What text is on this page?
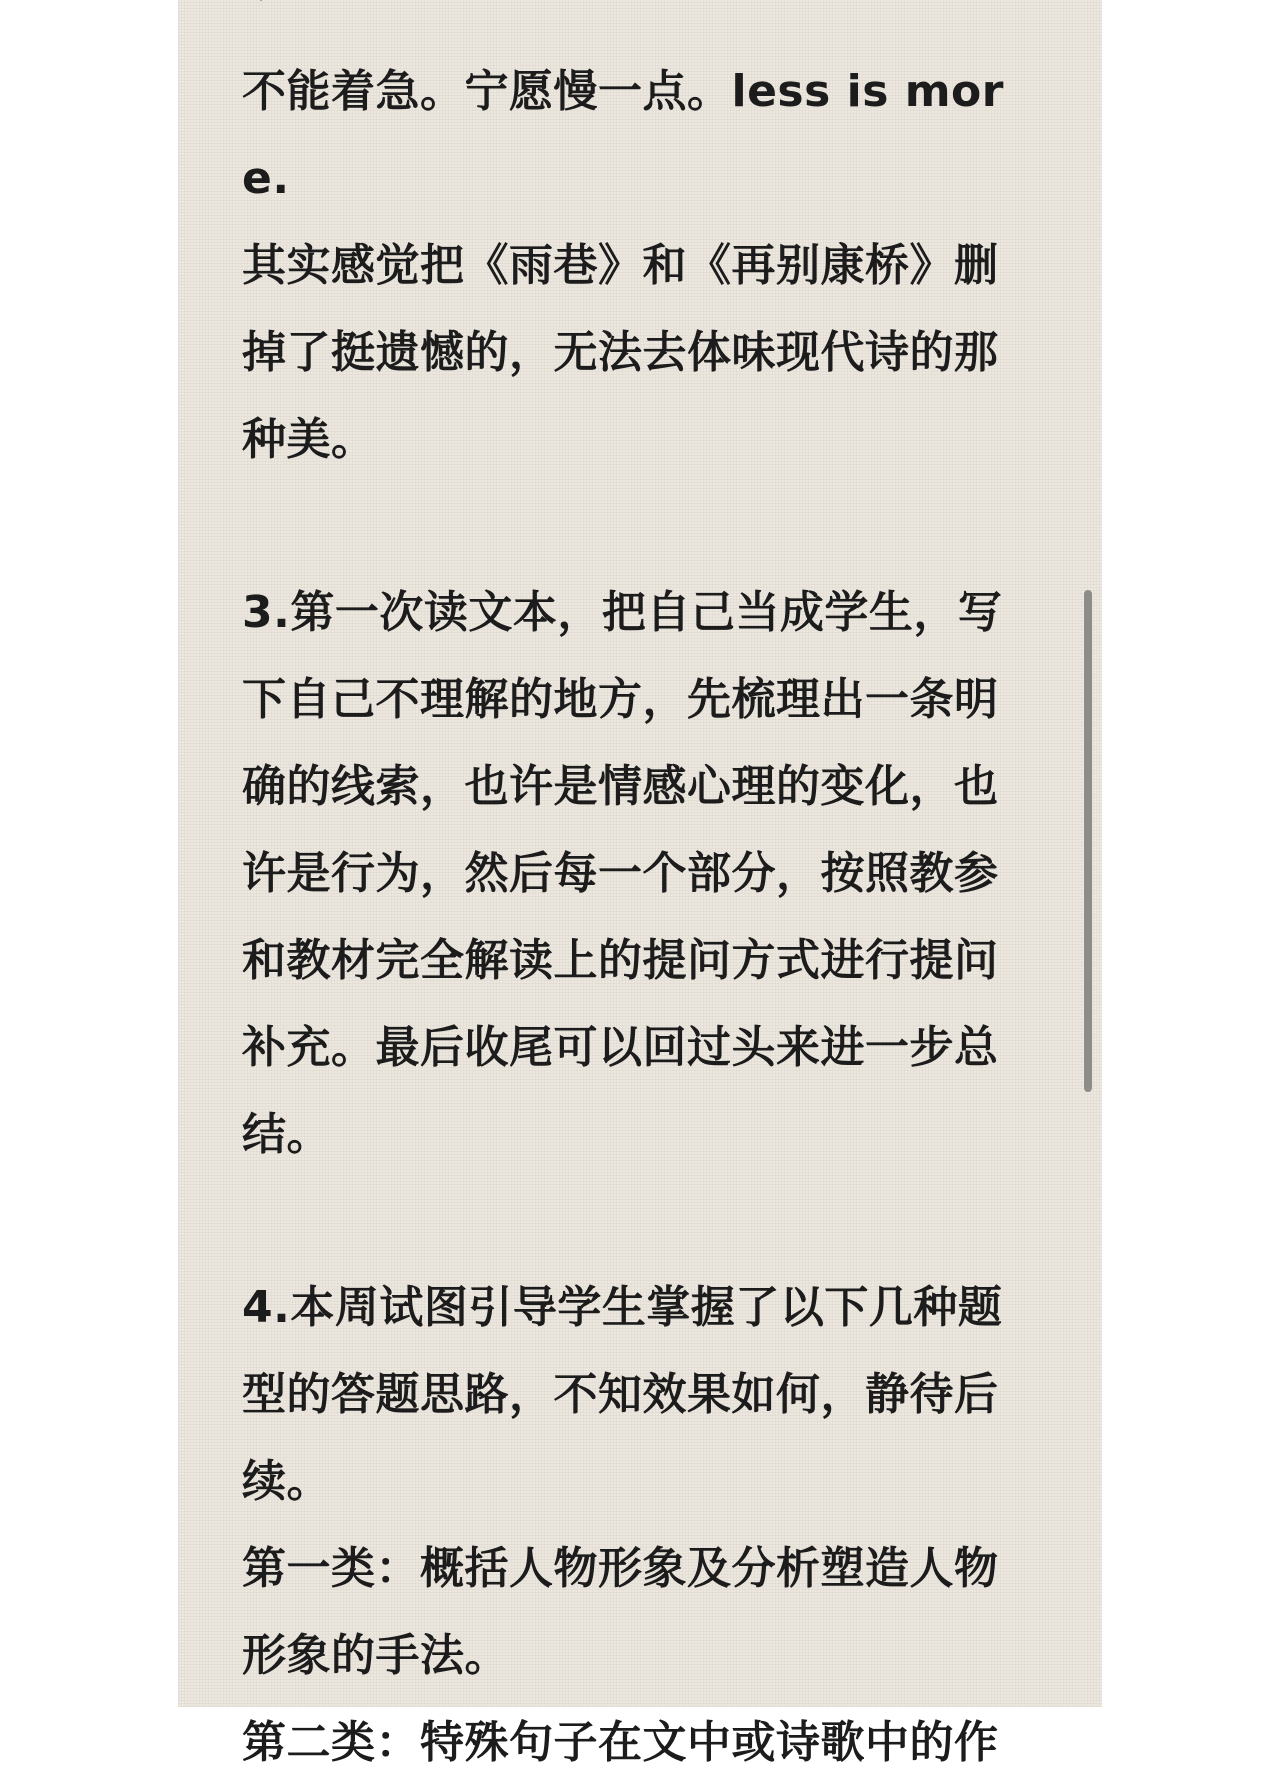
不能着急。宁愿慢一点。less is more.
其实感觉把《雨巷》和《再别康桥》删掉了挺遗憾的，无法去体味现代诗的那种美。

3.第一次读文本，把自己当成学生，写下自己不理解的地方，先梳理出一条明确的线索，也许是情感心理的变化，也许是行为，然后每一个部分，按照教参和教材完全解读上的提问方式进行提问补充。最后收尾可以回过头来进一步总结。

4.本周试图引导学生掌握了以下几种题型的答题思路，不知效果如何，静待后续。
第一类：概括人物形象及分析塑造人物形象的手法。
第二类：特殊句子在文中或诗歌中的作
